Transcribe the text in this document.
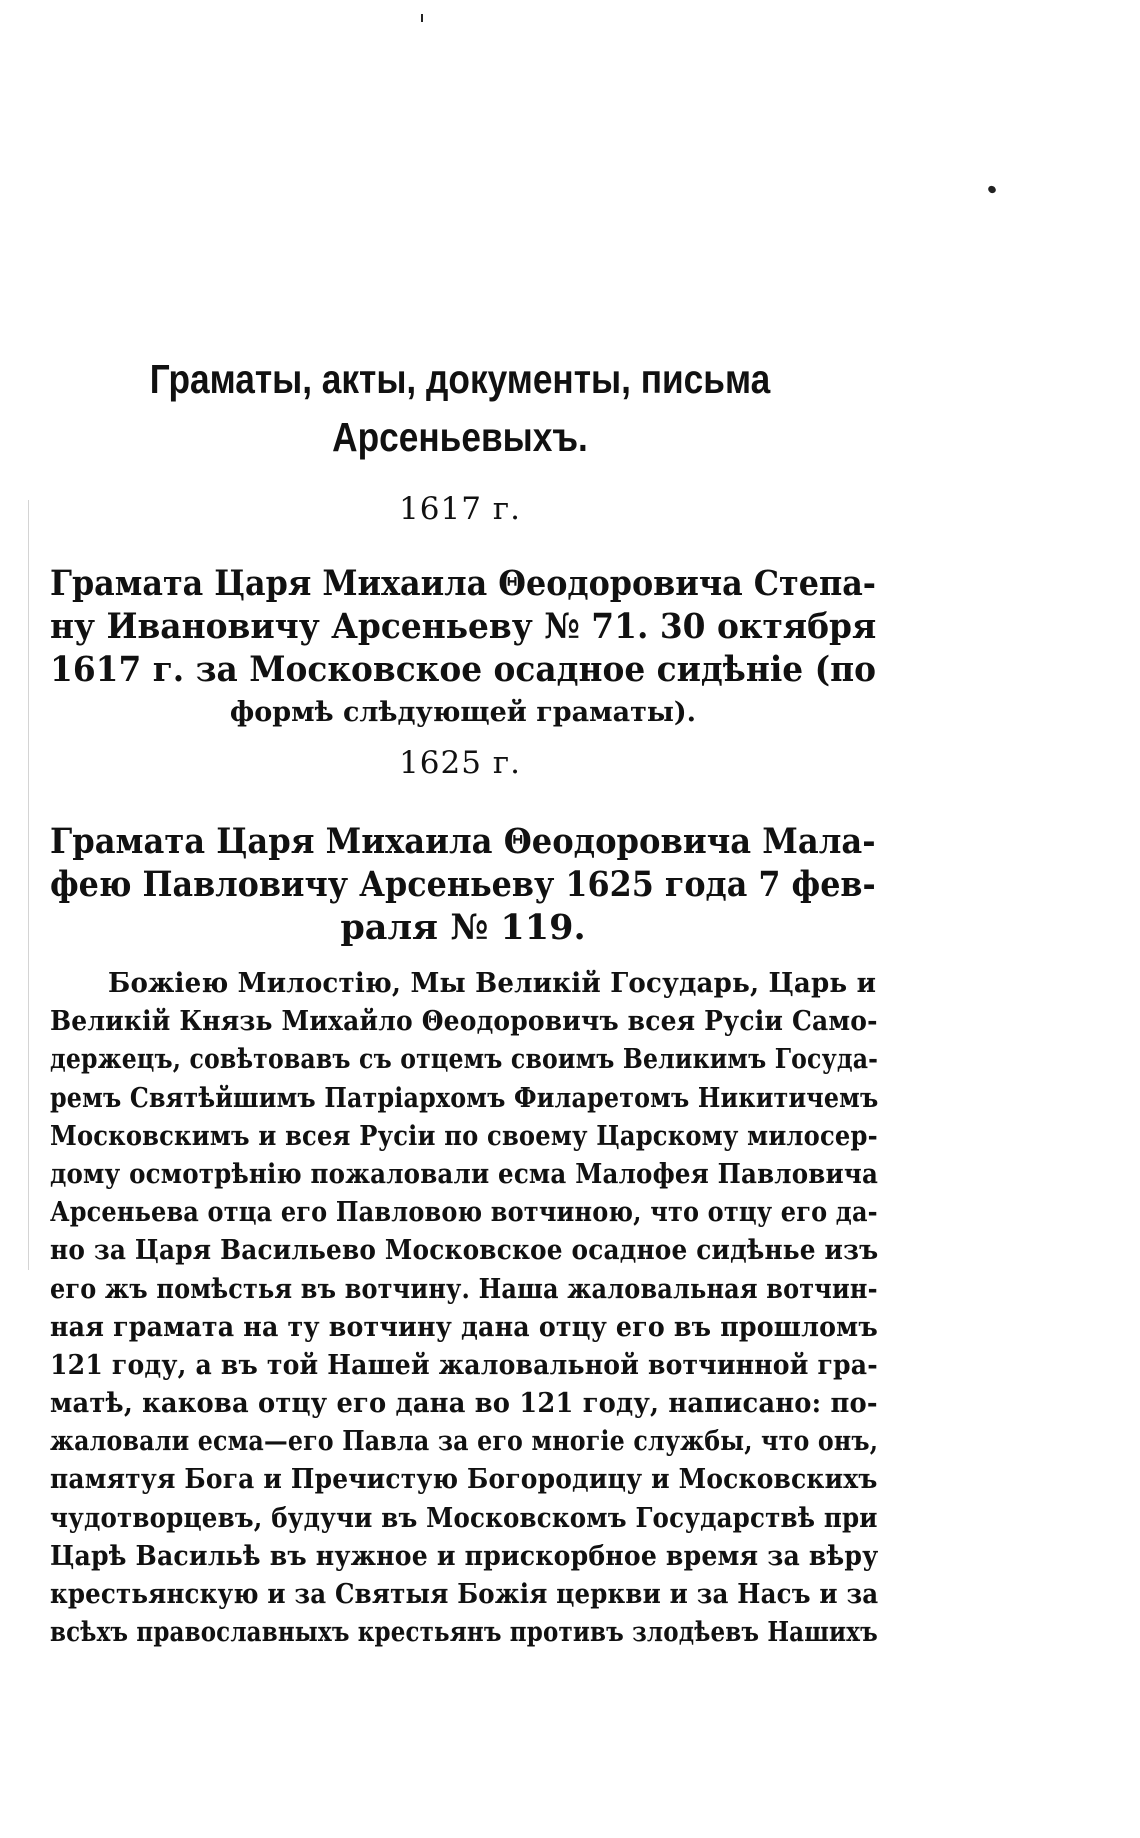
Граматы, акты, документы, письма
Арсеньевыхъ.
1617 г.
Грамата Царя Михаила Θеодоровича Степа-
ну Ивановичу Арсеньеву № 71. 30 октября
1617 г. за Московское осадное сидѣніе (по
формѣ слѣдующей граматы).
1625 г.
Грамата Царя Михаила Θеодоровича Мала-
фею Павловичу Арсеньеву 1625 года 7 фев-
раля № 119.
Божіею Милостію, Мы Великій Государь, Царь и
Великій Князь Михайло Θеодоровичъ всея Русіи Само-
держецъ, совѣтовавъ съ отцемъ своимъ Великимъ Госуда-
ремъ Святѣйшимъ Патріархомъ Филаретомъ Никитичемъ
Московскимъ и всея Русіи по своему Царскому милосер-
дому осмотрѣнію пожаловали есма Малофея Павловича
Арсеньева отца его Павловою вотчиною, что отцу его да-
но за Царя Васильево Московское осадное сидѣнье изъ
его жъ помѣстья въ вотчину. Наша жаловальная вотчин-
ная грамата на ту вотчину дана отцу его въ прошломъ
121 году, а въ той Нашей жаловальной вотчинной гра-
матѣ, какова отцу его дана во 121 году, написано: по-
жаловали есма—его Павла за его многіе службы, что онъ,
памятуя Бога и Пречистую Богородицу и Московскихъ
чудотворцевъ, будучи въ Московскомъ Государствѣ при
Царѣ Васильѣ въ нужное и прискорбное время за вѣру
крестьянскую и за Святыя Божія церкви и за Насъ и за
всѣхъ православныхъ крестьянъ противъ злодѣевъ Нашихъ
